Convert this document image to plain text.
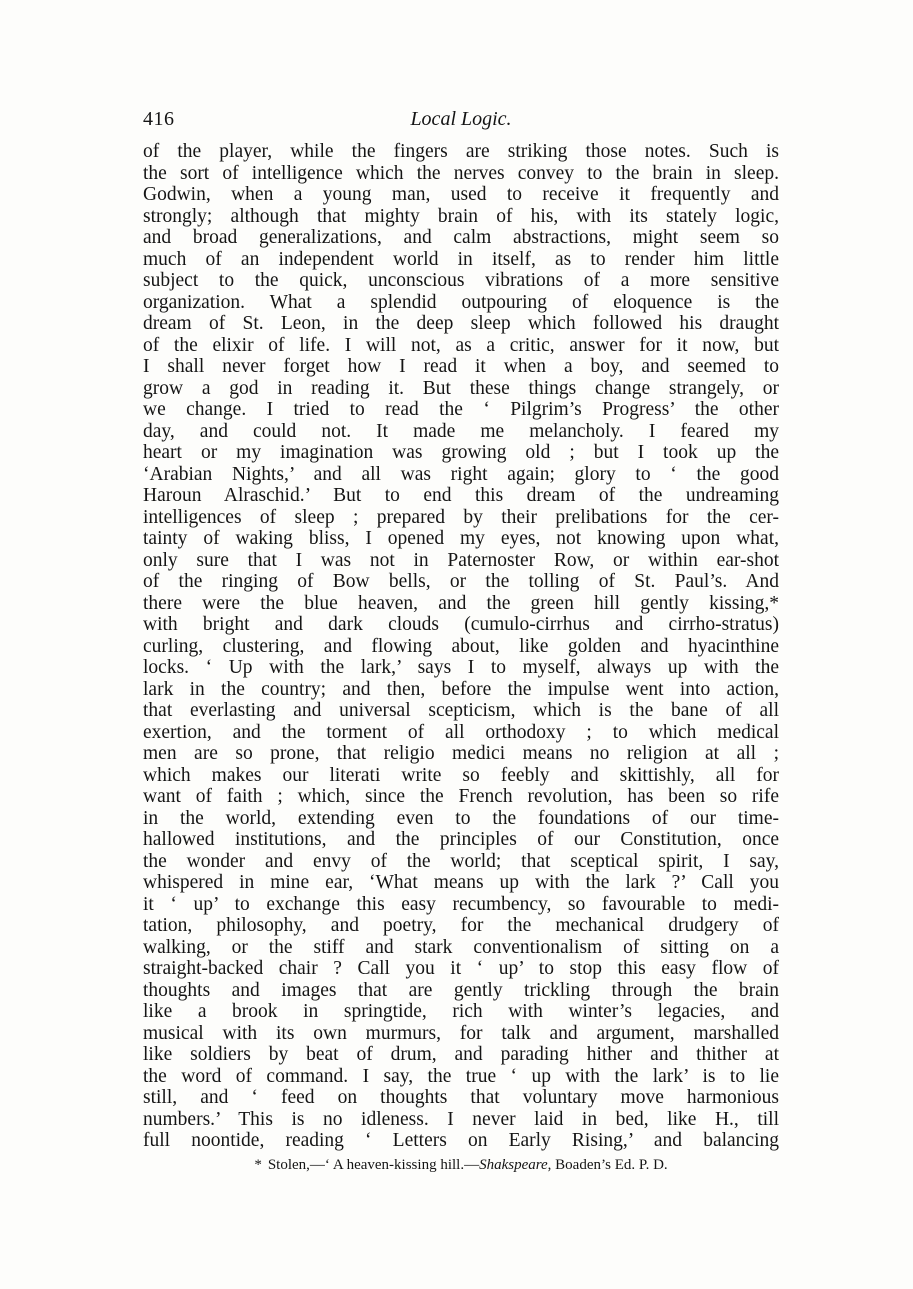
416	Local Logic.
of the player, while the fingers are striking those notes. Such is
the sort of intelligence which the nerves convey to the brain in sleep.
Godwin, when a young man, used to receive it frequently and
strongly; although that mighty brain of his, with its stately logic,
and broad generalizations, and calm abstractions, might seem so
much of an independent world in itself, as to render him little
subject to the quick, unconscious vibrations of a more sensitive
organization. What a splendid outpouring of eloquence is the
dream of St. Leon, in the deep sleep which followed his draught
of the elixir of life. I will not, as a critic, answer for it now, but
I shall never forget how I read it when a boy, and seemed to
grow a god in reading it. But these things change strangely, or
we change. I tried to read the ‘ Pilgrim’s Progress’ the other
day, and could not. It made me melancholy. I feared my
heart or my imagination was growing old ; but I took up the
‘Arabian Nights,’ and all was right again; glory to ‘ the good
Haroun Alraschid.’ But to end this dream of the undreaming
intelligences of sleep ; prepared by their prelibations for the cer-
tainty of waking bliss, I opened my eyes, not knowing upon what,
only sure that I was not in Paternoster Row, or within ear-shot
of the ringing of Bow bells, or the tolling of St. Paul’s. And
there were the blue heaven, and the green hill gently kissing,*
with bright and dark clouds (cumulo-cirrhus and cirrho-stratus)
curling, clustering, and flowing about, like golden and hyacinthine
locks. ‘ Up with the lark,’ says I to myself, always up with the
lark in the country; and then, before the impulse went into action,
that everlasting and universal scepticism, which is the bane of all
exertion, and the torment of all orthodoxy ; to which medical
men are so prone, that religio medici means no religion at all ;
which makes our literati write so feebly and skittishly, all for
want of faith ; which, since the French revolution, has been so rife
in the world, extending even to the foundations of our time-
hallowed institutions, and the principles of our Constitution, once
the wonder and envy of the world; that sceptical spirit, I say,
whispered in mine ear, ‘What means up with the lark ?’ Call you
it ‘ up’ to exchange this easy recumbency, so favourable to medi-
tation, philosophy, and poetry, for the mechanical drudgery of
walking, or the stiff and stark conventionalism of sitting on a
straight-backed chair ? Call you it ‘ up’ to stop this easy flow of
thoughts and images that are gently trickling through the brain
like a brook in springtide, rich with winter’s legacies, and
musical with its own murmurs, for talk and argument, marshalled
like soldiers by beat of drum, and parading hither and thither at
the word of command. I say, the true ‘ up with the lark’ is to lie
still, and ‘ feed on thoughts that voluntary move harmonious
numbers.’ This is no idleness. I never laid in bed, like H., till
full noontide, reading ‘ Letters on Early Rising,’ and balancing
* Stolen,—‘ A heaven-kissing hill.—Shakspeare, Boaden’s Ed. P. D.
